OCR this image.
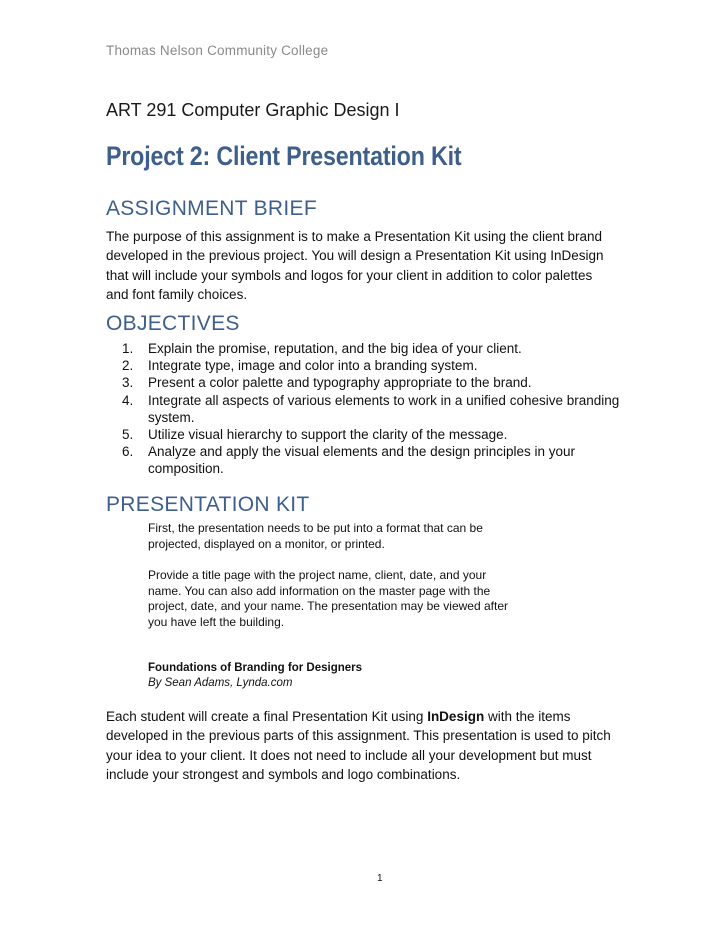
Thomas Nelson Community College
ART 291 Computer Graphic Design I
Project 2: Client Presentation Kit
ASSIGNMENT BRIEF
The purpose of this assignment is to make a Presentation Kit using the client brand developed in the previous project. You will design a Presentation Kit using InDesign that will include your symbols and logos for your client in addition to color palettes and font family choices.
OBJECTIVES
1. Explain the promise, reputation, and the big idea of your client.
2. Integrate type, image and color into a branding system.
3. Present a color palette and typography appropriate to the brand.
4. Integrate all aspects of various elements to work in a unified cohesive branding system.
5. Utilize visual hierarchy to support the clarity of the message.
6. Analyze and apply the visual elements and the design principles in your composition.
PRESENTATION KIT
First, the presentation needs to be put into a format that can be projected, displayed on a monitor, or printed.
Provide a title page with the project name, client, date, and your name. You can also add information on the master page with the project, date, and your name. The presentation may be viewed after you have left the building.
Foundations of Branding for Designers
By Sean Adams, Lynda.com
Each student will create a final Presentation Kit using InDesign with the items developed in the previous parts of this assignment. This presentation is used to pitch your idea to your client. It does not need to include all your development but must include your strongest and symbols and logo combinations.
1
